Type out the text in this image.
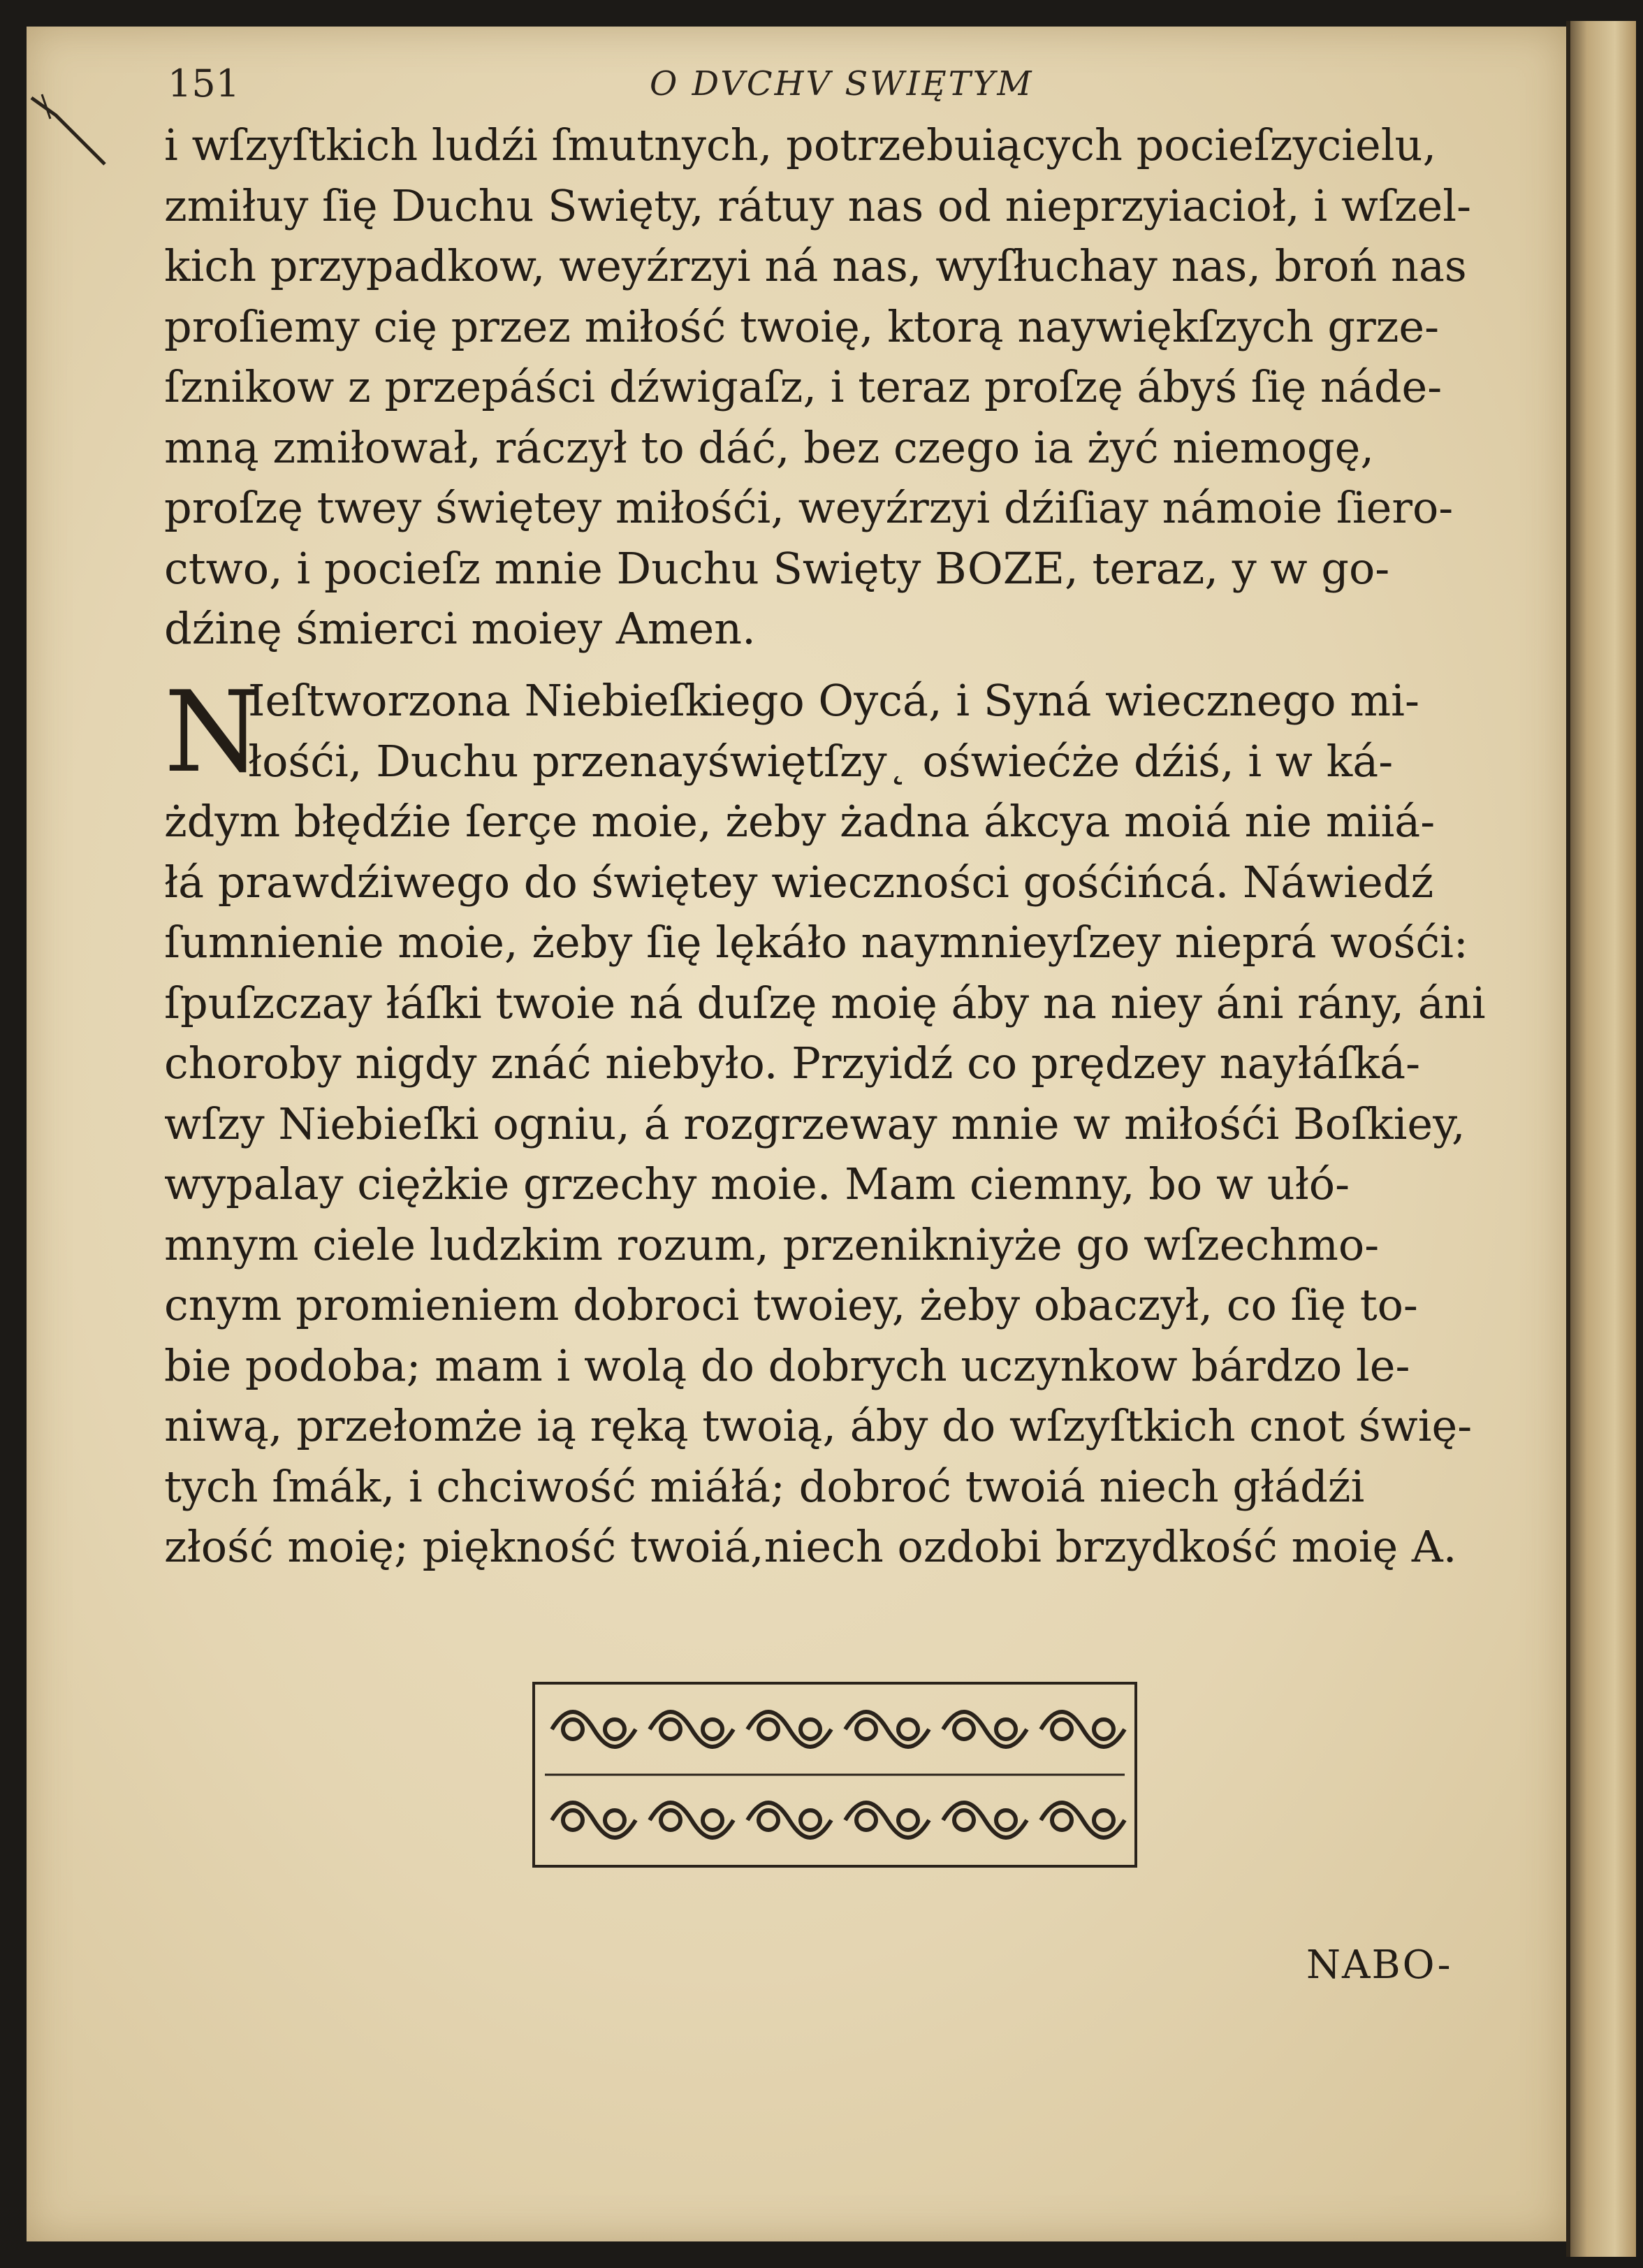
151	O DVCHV SWIĘTYM
i wſzyſtkich ludźi ſmutnych, potrzebuiących pocieſzycielu,
zmiłuy ſię Duchu Swięty, rátuy nas od nieprzyiacioł, i wſzel-
kich przypadkow, weyźrzyi ná nas, wyſłuchay nas, broń nas
proſiemy cię przez miłość twoię, ktorą naywiękſzych grze-
ſznikow z przepáści dźwigaſz, i teraz proſzę ábyś ſię náde-
mną zmiłował, ráczył to dáć, bez czego ia żyć niemogę,
proſzę twey świętey miłośći, weyźrzyi dźiſiay námoie ſiero-
ctwo, i pocieſz mnie Duchu Swięty BOZE, teraz, y w go-
dźinę śmierci moiey Amen.
N
Ieſtworzona Niebieſkiego Oycá, i Syná wiecznego mi-
łośći, Duchu przenayświętſzy˛ oświećże dźiś, i w ká-
żdym błędźie ſerçe moie, żeby żadna ákcya moiá nie miiá-
łá prawdźiwego do świętey wieczności gośćińcá. Náwiedź
ſumnienie moie, żeby ſię lękáło naymnieyſzey nieprá wośći:
ſpuſzczay łáſki twoie ná duſzę moię áby na niey áni rány, áni
choroby nigdy znáć niebyło. Przyidź co prędzey nayłáſká-
wſzy Niebieſki ogniu, á rozgrzeway mnie w miłośći Boſkiey,
wypalay ciężkie grzechy moie. Mam ciemny, bo w ułó-
mnym ciele ludzkim rozum, przenikniyże go wſzechmo-
cnym promieniem dobroci twoiey, żeby obaczył, co ſię to-
bie podoba; mam i wolą do dobrych uczynkow bárdzo le-
niwą, przełomże ią ręką twoią, áby do wſzyſtkich cnot świę-
tych ſmák, i chciwość miáłá; dobroć twoiá niech głádźi
złość moię; piękność twoiá,niech ozdobi brzydkość moię A.
NABO-
